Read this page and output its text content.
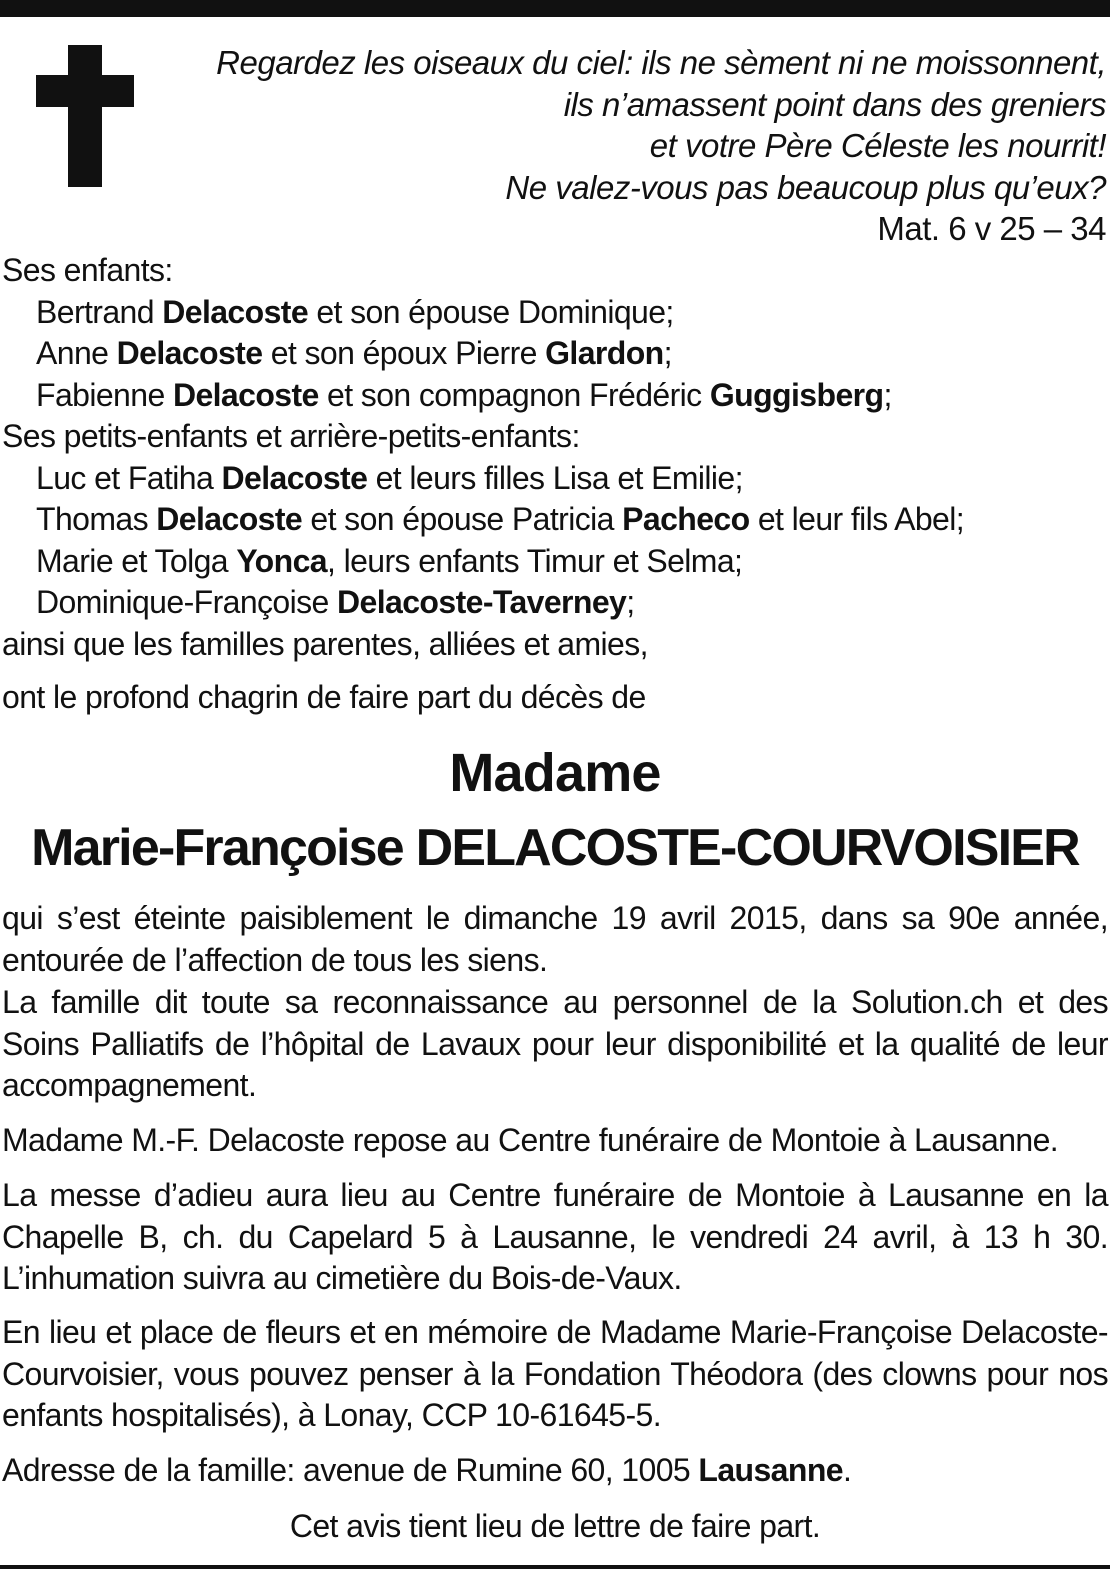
Regardez les oiseaux du ciel: ils ne sèment ni ne moissonnent,
ils n’amassent point dans des greniers
et votre Père Céleste les nourrit!
Ne valez-vous pas beaucoup plus qu’eux?
Mat. 6 v 25 – 34
Ses enfants:
Bertrand Delacoste et son épouse Dominique;
Anne Delacoste et son époux Pierre Glardon;
Fabienne Delacoste et son compagnon Frédéric Guggisberg;
Ses petits-enfants et arrière-petits-enfants:
Luc et Fatiha Delacoste et leurs filles Lisa et Emilie;
Thomas Delacoste et son épouse Patricia Pacheco et leur fils Abel;
Marie et Tolga Yonca, leurs enfants Timur et Selma;
Dominique-Françoise Delacoste-Taverney;
ainsi que les familles parentes, alliées et amies,
ont le profond chagrin de faire part du décès de
Madame
Marie-Françoise DELACOSTE-COURVOISIER
qui s’est éteinte paisiblement le dimanche 19 avril 2015, dans sa 90e année, entourée de l’affection de tous les siens.
La famille dit toute sa reconnaissance au personnel de la Solution.ch et des Soins Palliatifs de l’hôpital de Lavaux pour leur disponibilité et la qualité de leur accompagnement.
Madame M.-F. Delacoste repose au Centre funéraire de Montoie à Lausanne.
La messe d’adieu aura lieu au Centre funéraire de Montoie à Lausanne en la Chapelle B, ch. du Capelard 5 à Lausanne, le vendredi 24 avril, à 13 h 30. L’inhumation suivra au cimetière du Bois-de-Vaux.
En lieu et place de fleurs et en mémoire de Madame Marie-Françoise Delacoste-Courvoisier, vous pouvez penser à la Fondation Théodora (des clowns pour nos enfants hospitalisés), à Lonay, CCP 10-61645-5.
Adresse de la famille: avenue de Rumine 60, 1005 Lausanne.
Cet avis tient lieu de lettre de faire part.
